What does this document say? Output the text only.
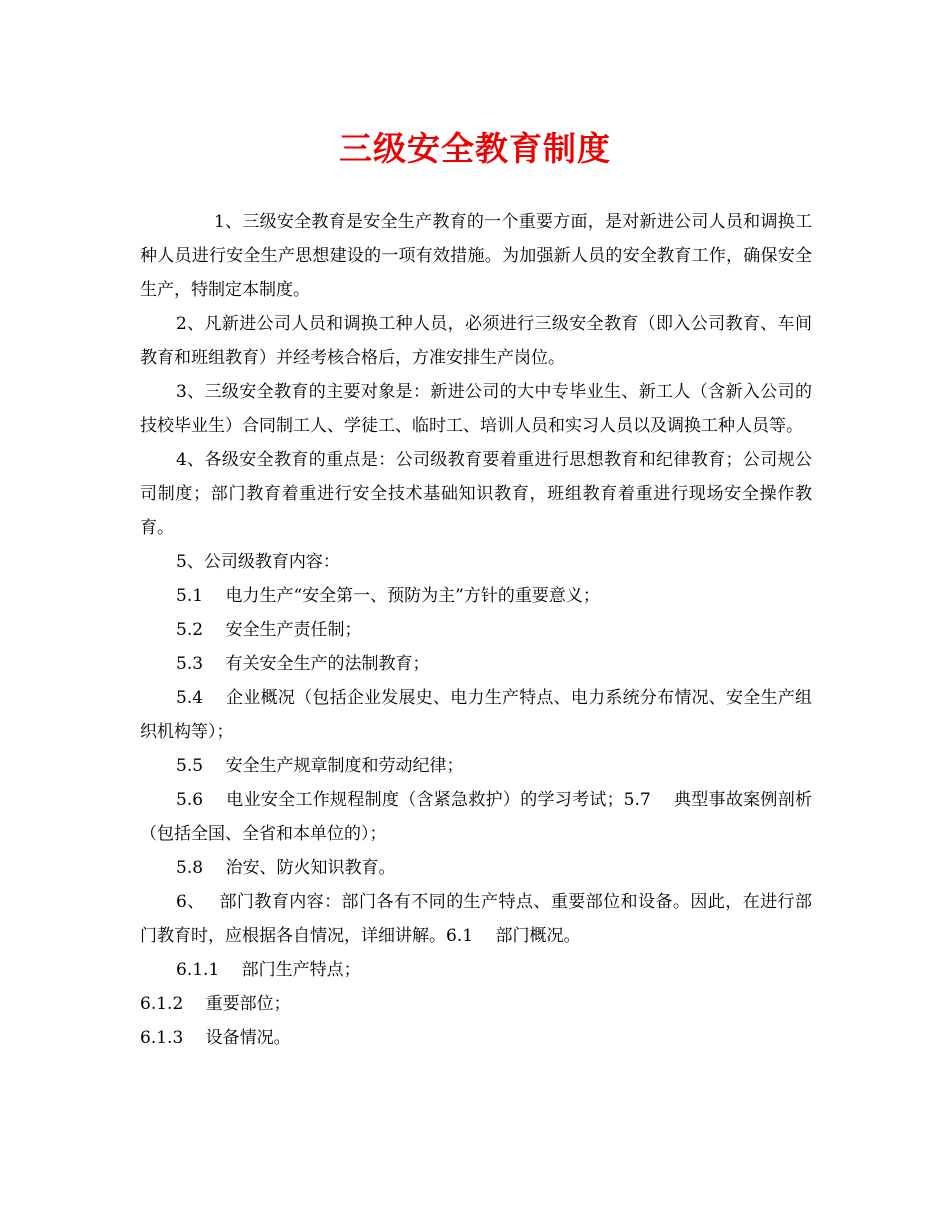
三级安全教育制度

1、三级安全教育是安全生产教育的一个重要方面，是对新进公司人员和调换工种人员进行安全生产思想建设的一项有效措施。为加强新人员的安全教育工作，确保安全生产，特制定本制度。

2、凡新进公司人员和调换工种人员，必须进行三级安全教育（即入公司教育、车间教育和班组教育）并经考核合格后，方准安排生产岗位。

3、三级安全教育的主要对象是：新进公司的大中专毕业生、新工人（含新入公司的技校毕业生）合同制工人、学徒工、临时工、培训人员和实习人员以及调换工种人员等。

4、各级安全教育的重点是：公司级教育要着重进行思想教育和纪律教育；公司规公司制度；部门教育着重进行安全技术基础知识教育，班组教育着重进行现场安全操作教育。

5、公司级教育内容：

5.1　 电力生产“安全第一、预防为主”方针的重要意义；

5.2　 安全生产责任制；

5.3　 有关安全生产的法制教育；

5.4　 企业概况（包括企业发展史、电力生产特点、电力系统分布情况、安全生产组织机构等）；

5.5　 安全生产规章制度和劳动纪律；

5.6　 电业安全工作规程制度（含紧急救护）的学习考试；5.7　 典型事故案例剖析（包括全国、全省和本单位的）；

5.8　 治安、防火知识教育。

6、　 部门教育内容：部门各有不同的生产特点、重要部位和设备。因此，在进行部门教育时，应根据各自情况，详细讲解。6.1　 部门概况。

6.1.1　 部门生产特点；

6.1.2　 重要部位；

6.1.3　 设备情况。
